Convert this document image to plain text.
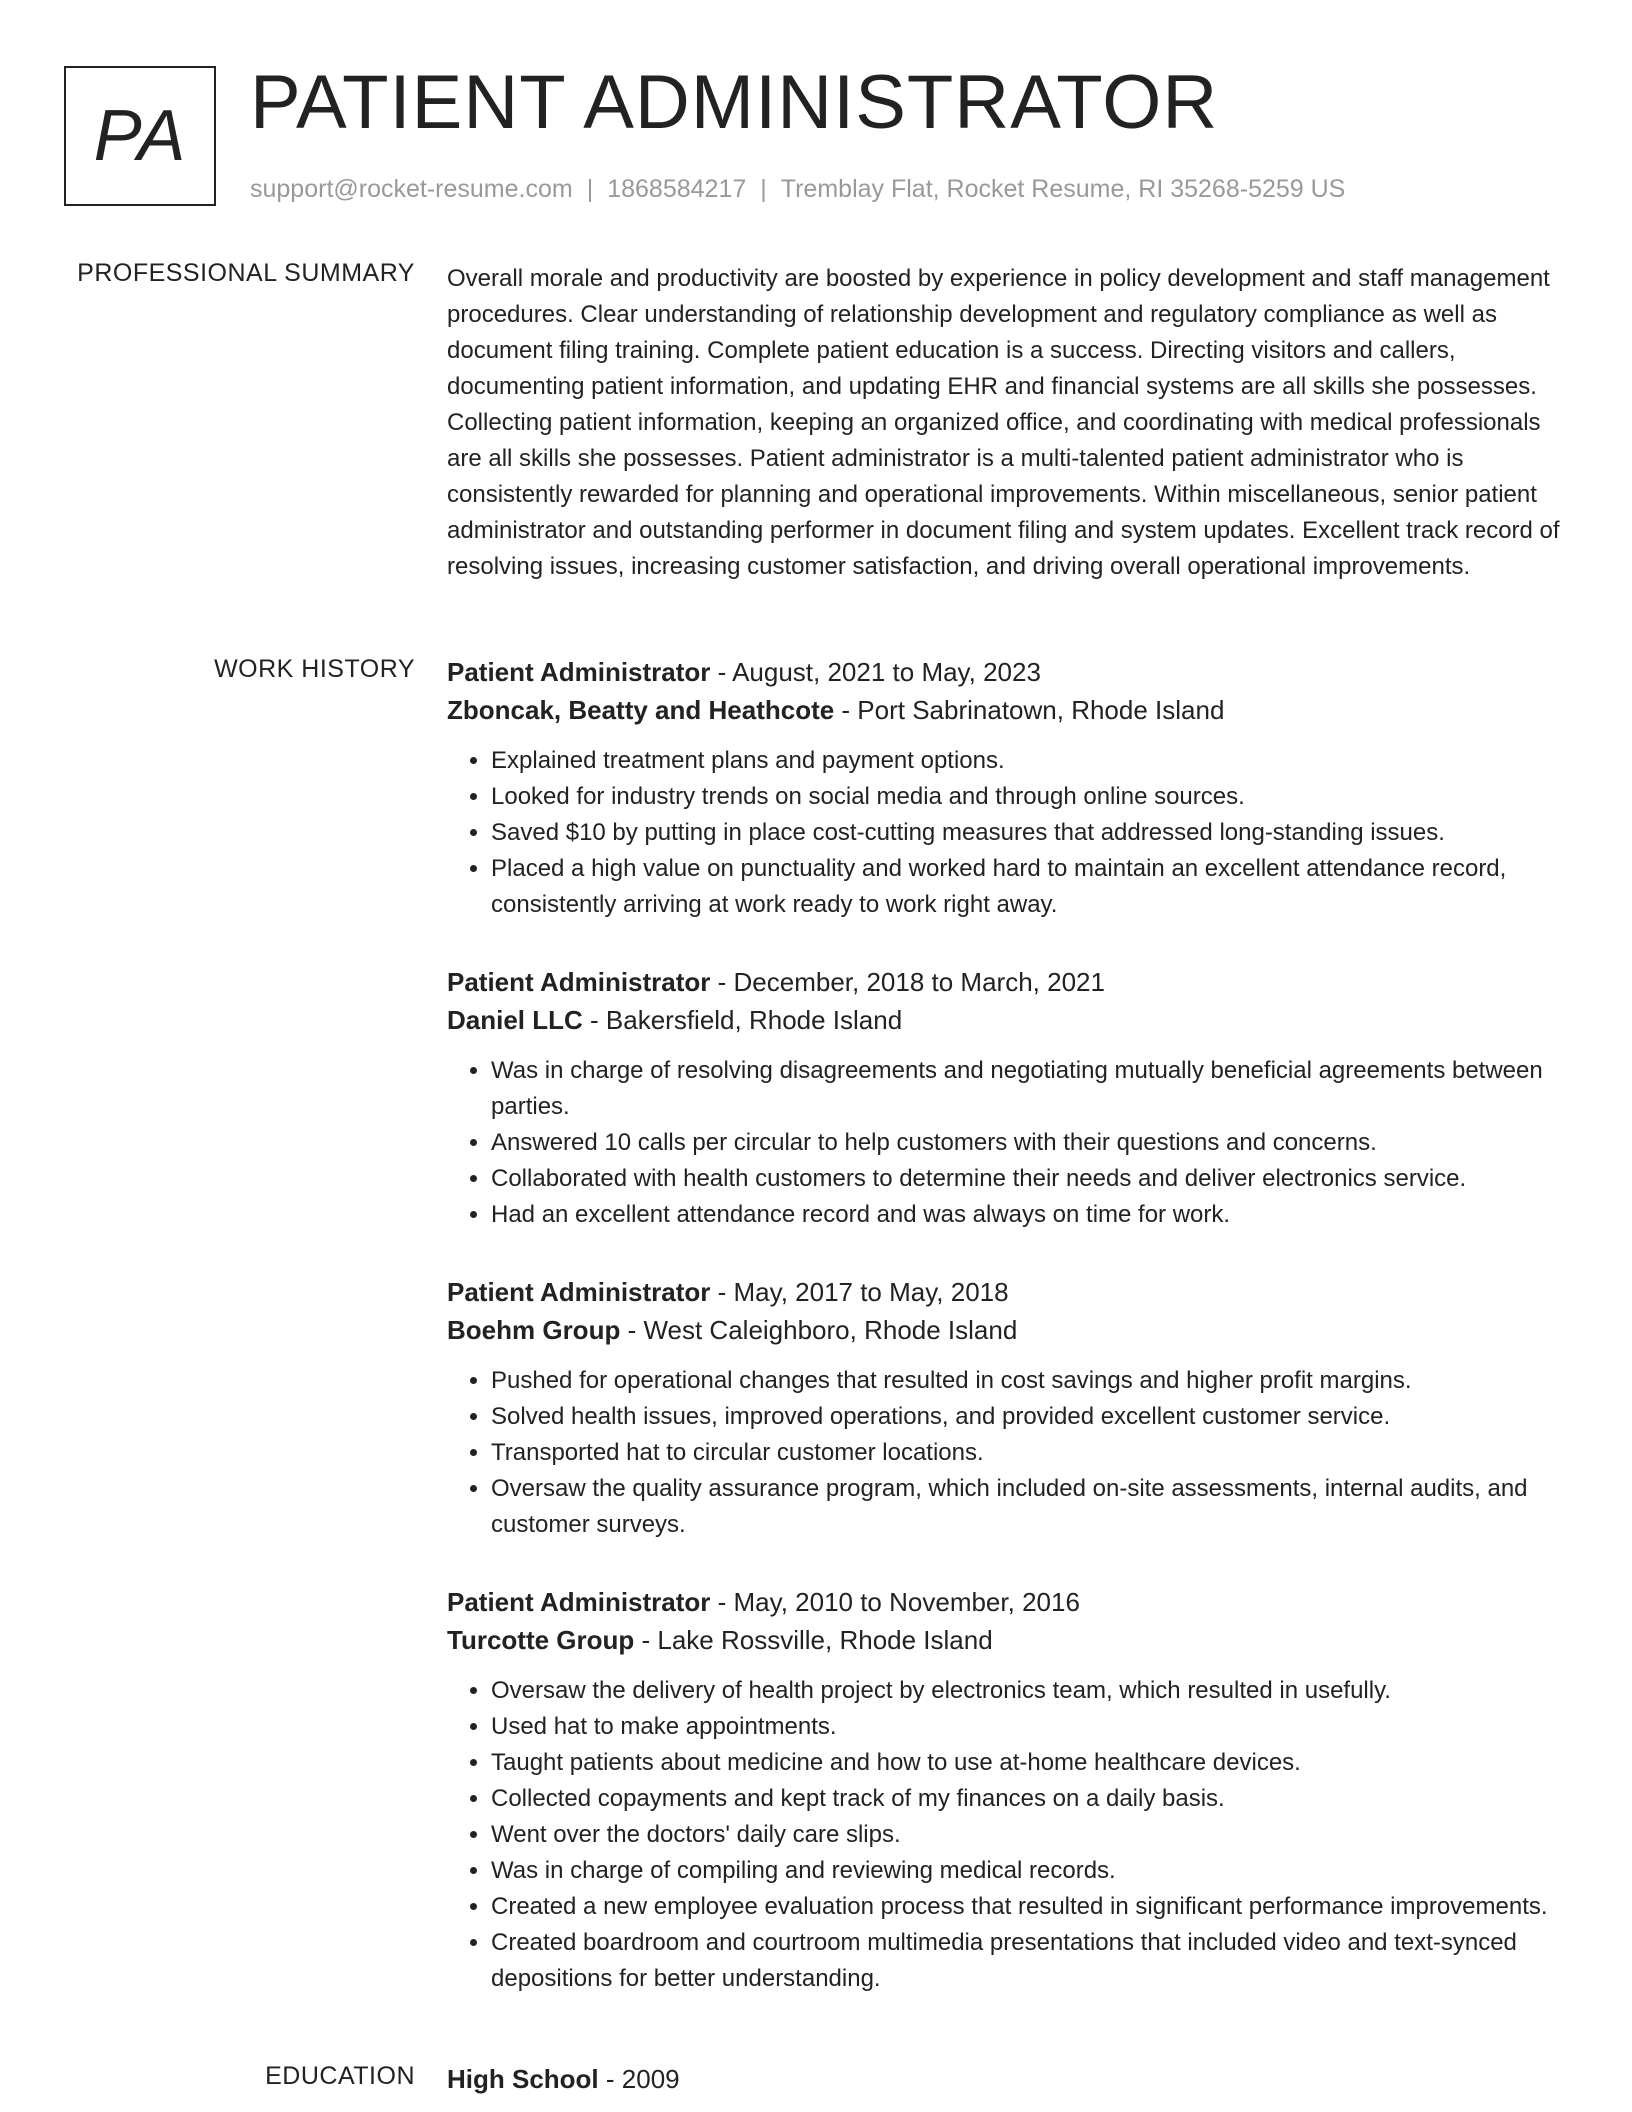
PA PATIENT ADMINISTRATOR
support@rocket-resume.com | 1868584217 | Tremblay Flat, Rocket Resume, RI 35268-5259 US
PROFESSIONAL SUMMARY Overall morale and productivity are boosted by experience in policy development and staff management procedures. Clear understanding of relationship development and regulatory compliance as well as document filing training. Complete patient education is a success. Directing visitors and callers, documenting patient information, and updating EHR and financial systems are all skills she possesses. Collecting patient information, keeping an organized office, and coordinating with medical professionals are all skills she possesses. Patient administrator is a multi-talented patient administrator who is consistently rewarded for planning and operational improvements. Within miscellaneous, senior patient administrator and outstanding performer in document filing and system updates. Excellent track record of resolving issues, increasing customer satisfaction, and driving overall operational improvements.

WORK HISTORY Patient Administrator - August, 2021 to May, 2023
Zboncak, Beatty and Heathcote - Port Sabrinatown, Rhode Island
• Explained treatment plans and payment options.
• Looked for industry trends on social media and through online sources.
• Saved $10 by putting in place cost-cutting measures that addressed long-standing issues.
• Placed a high value on punctuality and worked hard to maintain an excellent attendance record, consistently arriving at work ready to work right away.
Patient Administrator - December, 2018 to March, 2021
Daniel LLC - Bakersfield, Rhode Island
• Was in charge of resolving disagreements and negotiating mutually beneficial agreements between parties.
• Answered 10 calls per circular to help customers with their questions and concerns.
• Collaborated with health customers to determine their needs and deliver electronics service.
• Had an excellent attendance record and was always on time for work.
Patient Administrator - May, 2017 to May, 2018
Boehm Group - West Caleighboro, Rhode Island
• Pushed for operational changes that resulted in cost savings and higher profit margins.
• Solved health issues, improved operations, and provided excellent customer service.
• Transported hat to circular customer locations.
• Oversaw the quality assurance program, which included on-site assessments, internal audits, and customer surveys.
Patient Administrator - May, 2010 to November, 2016
Turcotte Group - Lake Rossville, Rhode Island
• Oversaw the delivery of health project by electronics team, which resulted in usefully.
• Used hat to make appointments.
• Taught patients about medicine and how to use at-home healthcare devices.
• Collected copayments and kept track of my finances on a daily basis.
• Went over the doctors' daily care slips.
• Was in charge of compiling and reviewing medical records.
• Created a new employee evaluation process that resulted in significant performance improvements.
• Created boardroom and courtroom multimedia presentations that included video and text-synced depositions for better understanding.
EDUCATION High School - 2009
